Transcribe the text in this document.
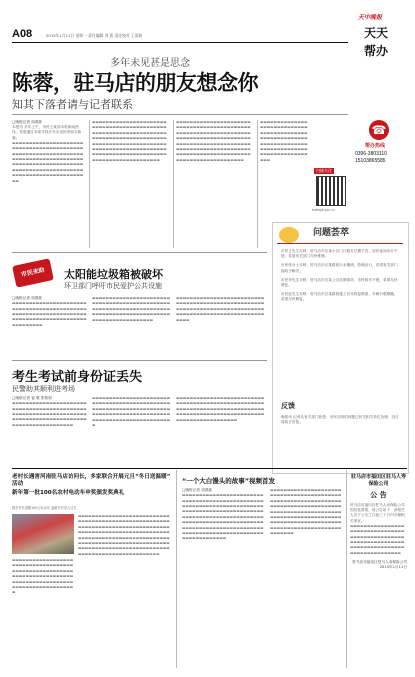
A08	2015年1月11日 星期一 责任编辑 刘 波 责任校对 王雨如
天中晚报
天天
帮办
多年未见甚是思念
陈蓉，驻马店的朋友想念你
知其下落者请与记者联系
□晚报记者 周燕妹
本报讯 多年上午，市民王某到本报新闻热线，希望通过本报寻找多年未见的老朋友陈蓉。
▬▬▬▬▬▬▬▬▬▬▬▬▬▬▬▬▬▬▬▬▬▬▬▬▬▬▬▬▬▬▬▬▬▬▬▬▬▬▬▬▬▬▬▬▬▬▬▬▬▬▬▬▬▬▬▬▬▬▬▬▬▬▬▬▬▬▬▬▬▬▬▬▬▬▬▬▬▬▬▬▬▬▬▬▬▬▬▬▬▬▬▬▬▬▬▬▬▬▬▬▬▬▬▬▬▬▬▬▬▬▬▬▬▬▬▬▬▬▬▬▬▬▬▬▬▬▬▬▬▬▬▬▬▬▬▬▬▬▬▬▬▬▬▬▬▬▬▬▬
▬▬▬▬▬▬▬▬▬▬▬▬▬▬▬▬▬▬▬▬▬▬▬▬▬▬▬▬▬▬▬▬▬▬▬▬▬▬▬▬▬▬▬▬▬▬▬▬▬▬▬▬▬▬▬▬▬▬▬▬▬▬▬▬▬▬▬▬▬▬▬▬▬▬▬▬▬▬▬▬▬▬▬▬▬▬▬▬▬▬▬▬▬▬▬▬▬▬▬▬▬▬▬▬▬▬▬▬▬▬▬▬▬▬▬▬▬▬▬▬▬▬▬▬▬▬▬▬▬▬▬▬▬▬▬▬▬▬▬▬▬▬▬▬▬▬▬▬▬▬▬▬▬▬▬▬▬▬▬▬▬▬▬▬▬▬▬▬▬▬▬▬▬▬
▬▬▬▬▬▬▬▬▬▬▬▬▬▬▬▬▬▬▬▬▬▬▬▬▬▬▬▬▬▬▬▬▬▬▬▬▬▬▬▬▬▬▬▬▬▬▬▬▬▬▬▬▬▬▬▬▬▬▬▬▬▬▬▬▬▬▬▬▬▬▬▬▬▬▬▬▬▬▬▬▬▬▬▬▬▬▬▬▬▬▬▬▬▬▬▬▬▬▬▬▬▬▬▬▬▬▬▬▬▬▬▬▬▬▬▬▬▬▬▬▬▬▬▬▬▬▬▬▬▬▬▬▬▬▬▬▬▬▬▬▬▬▬▬▬▬▬▬▬▬▬▬▬▬▬▬▬▬▬▬▬▬▬▬▬▬▬▬▬▬▬▬▬▬
▬▬▬▬▬▬▬▬▬▬▬▬▬▬▬▬▬▬▬▬▬▬▬▬▬▬▬▬▬▬▬▬▬▬▬▬▬▬▬▬▬▬▬▬▬▬▬▬▬▬▬▬▬▬▬▬▬▬▬▬▬▬▬▬▬▬▬▬▬▬▬▬▬▬▬▬▬▬▬▬▬▬▬▬▬▬▬▬▬▬▬▬▬▬▬▬▬▬▬▬▬
扫描关注
tzwbgb.yzz.cn
☎
帮办热线
0396-3803110
15103865585
问题荟萃
市民王先生反映：驻马店市区某小区门口路灯长期不亮，居民夜间出行不便，希望有关部门尽快维修。
市民张女士反映：驻马店市区某路段污水横流，影响出行，希望有关部门能给予解决。
市民李先生反映：驻马店市区某公交站牌损坏，市民候车不便，希望尽快修复。
市民赵先生反映：驻马店市区某路段施工后未恢复路面，车辆行驶颠簸，希望尽快修复。
反馈
晚报讯 记者从有关部门获悉，市民反映的问题已转交相关单位处理，近日将给予答复。
市民来助	太阳能垃圾箱被破坏
环卫部门呼吁市民爱护公共设施
□晚报记者 周燕妹
▬▬▬▬▬▬▬▬▬▬▬▬▬▬▬▬▬▬▬▬▬▬▬▬▬▬▬▬▬▬▬▬▬▬▬▬▬▬▬▬▬▬▬▬▬▬▬▬▬▬▬▬▬▬▬▬▬▬▬▬▬▬▬▬▬▬▬▬▬▬▬▬▬▬▬▬▬▬▬▬▬▬▬▬▬▬▬▬▬▬▬▬▬▬▬▬▬
▬▬▬▬▬▬▬▬▬▬▬▬▬▬▬▬▬▬▬▬▬▬▬▬▬▬▬▬▬▬▬▬▬▬▬▬▬▬▬▬▬▬▬▬▬▬▬▬▬▬▬▬▬▬▬▬▬▬▬▬▬▬▬▬▬▬▬▬▬▬▬▬▬▬▬▬▬▬▬▬▬▬▬▬▬▬▬▬▬▬▬▬▬▬▬▬▬▬▬▬▬▬▬▬▬▬▬▬▬▬
▬▬▬▬▬▬▬▬▬▬▬▬▬▬▬▬▬▬▬▬▬▬▬▬▬▬▬▬▬▬▬▬▬▬▬▬▬▬▬▬▬▬▬▬▬▬▬▬▬▬▬▬▬▬▬▬▬▬▬▬▬▬▬▬▬▬▬▬▬▬▬▬▬▬▬▬▬▬▬▬▬▬▬▬▬▬▬▬▬▬▬▬▬▬▬▬▬▬▬▬▬▬▬▬▬▬▬▬
考生考试前身份证丢失
民警助其顺利进考场
□晚报记者 崔 敬 张莉莉
▬▬▬▬▬▬▬▬▬▬▬▬▬▬▬▬▬▬▬▬▬▬▬▬▬▬▬▬▬▬▬▬▬▬▬▬▬▬▬▬▬▬▬▬▬▬▬▬▬▬▬▬▬▬▬▬▬▬▬▬▬▬▬▬▬▬▬▬▬▬▬▬▬▬▬▬▬▬▬▬▬▬▬▬▬▬▬▬▬▬▬▬▬▬▬▬▬▬▬▬▬▬▬▬▬▬
▬▬▬▬▬▬▬▬▬▬▬▬▬▬▬▬▬▬▬▬▬▬▬▬▬▬▬▬▬▬▬▬▬▬▬▬▬▬▬▬▬▬▬▬▬▬▬▬▬▬▬▬▬▬▬▬▬▬▬▬▬▬▬▬▬▬▬▬▬▬▬▬▬▬▬▬▬▬▬▬▬▬▬▬▬▬▬▬▬▬▬▬▬▬▬▬▬▬▬▬▬▬▬▬▬▬▬▬▬▬▬▬▬▬▬▬
▬▬▬▬▬▬▬▬▬▬▬▬▬▬▬▬▬▬▬▬▬▬▬▬▬▬▬▬▬▬▬▬▬▬▬▬▬▬▬▬▬▬▬▬▬▬▬▬▬▬▬▬▬▬▬▬▬▬▬▬▬▬▬▬▬▬▬▬▬▬▬▬▬▬▬▬▬▬▬▬▬▬▬▬▬▬▬▬▬▬▬▬▬▬▬▬▬▬▬▬▬▬▬▬▬▬▬▬▬▬▬▬▬▬▬▬▬▬▬▬▬▬
老村长遇害河南驻马店访问长，多家联合开展元旦“冬日送温暖” 活动
新年第一批100名农村电动车申奖颁发奖典礼
携手村长捐赠100台电动车 温暖乡村老人过冬
▬▬▬▬▬▬▬▬▬▬▬▬▬▬▬▬▬▬▬▬▬▬▬▬▬▬▬▬▬▬▬▬▬▬▬▬▬▬▬▬▬▬▬▬▬▬▬▬▬▬▬▬▬▬▬▬▬▬▬▬▬▬▬▬▬▬▬▬▬▬▬▬▬▬▬▬▬▬▬▬▬▬▬▬▬▬▬▬▬▬▬▬▬▬▬▬▬▬▬▬▬▬▬▬▬▬▬▬▬▬▬▬▬▬▬▬▬▬▬▬▬▬▬▬▬▬▬▬▬▬▬▬▬▬▬▬▬▬▬▬▬▬▬▬▬▬▬▬▬▬▬▬▬▬▬▬▬▬▬▬▬▬▬▬▬▬▬▬▬▬▬▬▬▬▬▬▬▬▬▬▬▬▬▬▬▬▬▬▬▬▬▬▬▬▬▬▬▬▬▬▬▬▬▬▬▬▬▬▬▬▬▬▬
▬▬▬▬▬▬▬▬▬▬▬▬▬▬▬▬▬▬▬▬▬▬▬▬▬▬▬▬▬▬▬▬▬▬▬▬▬▬▬▬▬▬▬▬▬▬▬▬▬▬▬▬▬▬▬▬▬▬▬▬▬▬▬▬▬▬▬▬▬▬▬▬▬▬▬▬▬▬▬▬▬▬▬▬▬▬▬▬▬▬▬▬▬▬▬▬▬▬▬▬▬▬▬▬▬▬▬▬▬
“一个大白馒头的故事”视频首发
□晚报记者 周燕妹
▬▬▬▬▬▬▬▬▬▬▬▬▬▬▬▬▬▬▬▬▬▬▬▬▬▬▬▬▬▬▬▬▬▬▬▬▬▬▬▬▬▬▬▬▬▬▬▬▬▬▬▬▬▬▬▬▬▬▬▬▬▬▬▬▬▬▬▬▬▬▬▬▬▬▬▬▬▬▬▬▬▬▬▬▬▬▬▬▬▬▬▬▬▬▬▬▬▬▬▬▬▬▬▬▬▬▬▬▬▬▬▬▬▬▬▬▬▬▬▬▬▬▬▬▬▬▬▬▬▬▬▬▬▬▬▬▬▬▬▬▬▬▬▬▬▬▬▬▬▬▬▬▬▬▬▬▬▬▬▬▬▬▬▬▬▬▬▬▬▬▬▬▬▬▬▬▬▬▬▬▬▬▬▬▬▬▬▬▬▬▬▬▬▬▬▬▬▬▬▬▬▬▬▬▬
▬▬▬▬▬▬▬▬▬▬▬▬▬▬▬▬▬▬▬▬▬▬▬▬▬▬▬▬▬▬▬▬▬▬▬▬▬▬▬▬▬▬▬▬▬▬▬▬▬▬▬▬▬▬▬▬▬▬▬▬▬▬▬▬▬▬▬▬▬▬▬▬▬▬▬▬▬▬▬▬▬▬▬▬▬▬▬▬▬▬▬▬▬▬▬▬▬▬▬▬▬▬▬▬▬▬▬▬▬▬▬▬▬▬▬▬▬▬▬▬▬▬▬▬▬▬▬▬▬▬▬▬▬▬▬▬▬▬▬▬▬▬▬▬▬▬▬▬▬▬▬▬▬▬▬▬▬▬▬▬▬▬▬▬▬▬▬▬▬▬▬▬▬▬▬
驻马店市福田区驻马人寿保险公司
公 告
驻马店市福田区驻马人寿保险公司因经营需要，现公告如下：请相关人员于公告之日起三十日内办理相关事宜。
▬▬▬▬▬▬▬▬▬▬▬▬▬▬▬▬▬▬▬▬▬▬▬▬▬▬▬▬▬▬▬▬▬▬▬▬▬▬▬▬▬▬▬▬▬▬▬▬▬▬▬▬▬▬▬▬▬▬▬▬▬▬▬▬▬▬▬▬▬▬▬▬▬▬▬▬▬▬▬▬▬▬▬▬▬▬▬▬▬▬▬▬▬▬▬
驻马店市福田区驻马人寿保险公司
2015年1月11日
